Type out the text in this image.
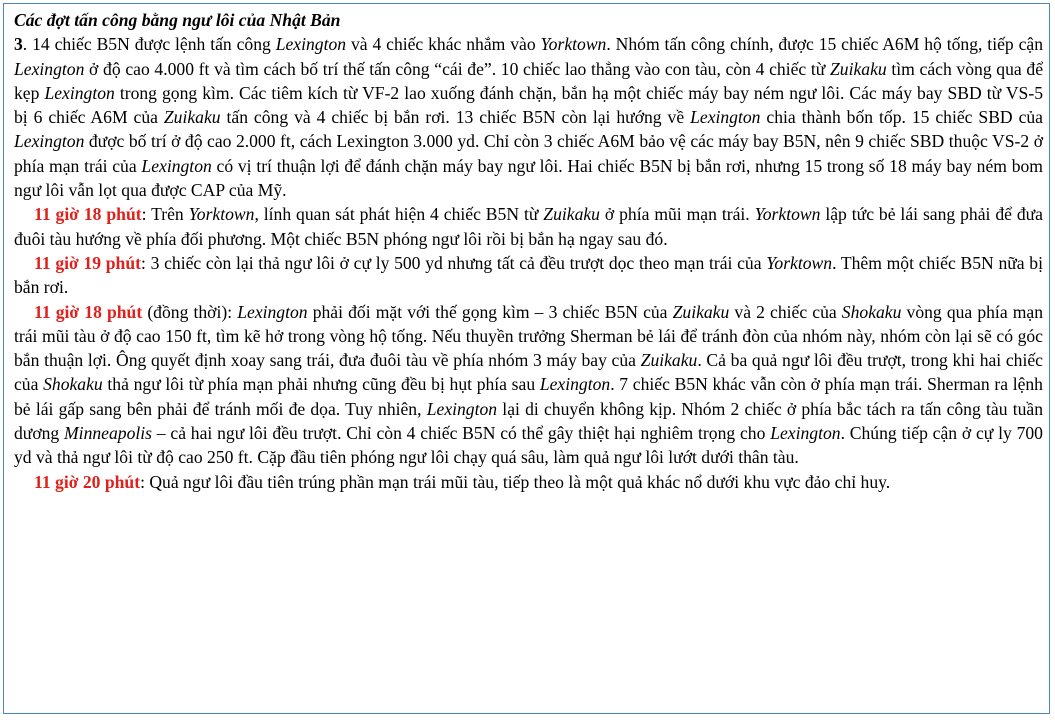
Các đợt tấn công bằng ngư lôi của Nhật Bản

3. 14 chiếc B5N được lệnh tấn công Lexington và 4 chiếc khác nhắm vào Yorktown. Nhóm tấn công chính, được 15 chiếc A6M hộ tống, tiếp cận Lexington ở độ cao 4.000 ft và tìm cách bố trí thế tấn công “cái đe”. 10 chiếc lao thẳng vào con tàu, còn 4 chiếc từ Zuikaku tìm cách vòng qua để kẹp Lexington trong gọng kìm. Các tiêm kích từ VF-2 lao xuống đánh chặn, bắn hạ một chiếc máy bay ném ngư lôi. Các máy bay SBD từ VS-5 bị 6 chiếc A6M của Zuikaku tấn công và 4 chiếc bị bắn rơi. 13 chiếc B5N còn lại hướng về Lexington chia thành bốn tốp. 15 chiếc SBD của Lexington được bố trí ở độ cao 2.000 ft, cách Lexington 3.000 yd. Chỉ còn 3 chiếc A6M bảo vệ các máy bay B5N, nên 9 chiếc SBD thuộc VS-2 ở phía mạn trái của Lexington có vị trí thuận lợi để đánh chặn máy bay ngư lôi. Hai chiếc B5N bị bắn rơi, nhưng 15 trong số 18 máy bay ném bom ngư lôi vẫn lọt qua được CAP của Mỹ.

11 giờ 18 phút: Trên Yorktown, lính quan sát phát hiện 4 chiếc B5N từ Zuikaku ở phía mũi mạn trái. Yorktown lập tức bẻ lái sang phải để đưa đuôi tàu hướng về phía đối phương. Một chiếc B5N phóng ngư lôi rồi bị bắn hạ ngay sau đó.

11 giờ 19 phút: 3 chiếc còn lại thả ngư lôi ở cự ly 500 yd nhưng tất cả đều trượt dọc theo mạn trái của Yorktown. Thêm một chiếc B5N nữa bị bắn rơi.

11 giờ 18 phút (đồng thời): Lexington phải đối mặt với thế gọng kìm – 3 chiếc B5N của Zuikaku và 2 chiếc của Shokaku vòng qua phía mạn trái mũi tàu ở độ cao 150 ft, tìm kẽ hở trong vòng hộ tống. Nếu thuyền trưởng Sherman bẻ lái để tránh đòn của nhóm này, nhóm còn lại sẽ có góc bắn thuận lợi. Ông quyết định xoay sang trái, đưa đuôi tàu về phía nhóm 3 máy bay của Zuikaku. Cả ba quả ngư lôi đều trượt, trong khi hai chiếc của Shokaku thả ngư lôi từ phía mạn phải nhưng cũng đều bị hụt phía sau Lexington. 7 chiếc B5N khác vẫn còn ở phía mạn trái. Sherman ra lệnh bẻ lái gấp sang bên phải để tránh mối đe dọa. Tuy nhiên, Lexington lại di chuyển không kịp. Nhóm 2 chiếc ở phía bắc tách ra tấn công tàu tuần dương Minneapolis – cả hai ngư lôi đều trượt. Chỉ còn 4 chiếc B5N có thể gây thiệt hại nghiêm trọng cho Lexington. Chúng tiếp cận ở cự ly 700 yd và thả ngư lôi từ độ cao 250 ft. Cặp đầu tiên phóng ngư lôi chạy quá sâu, làm quả ngư lôi lướt dưới thân tàu.

11 giờ 20 phút: Quả ngư lôi đầu tiên trúng phần mạn trái mũi tàu, tiếp theo là một quả khác nổ dưới khu vực đảo chỉ huy.
